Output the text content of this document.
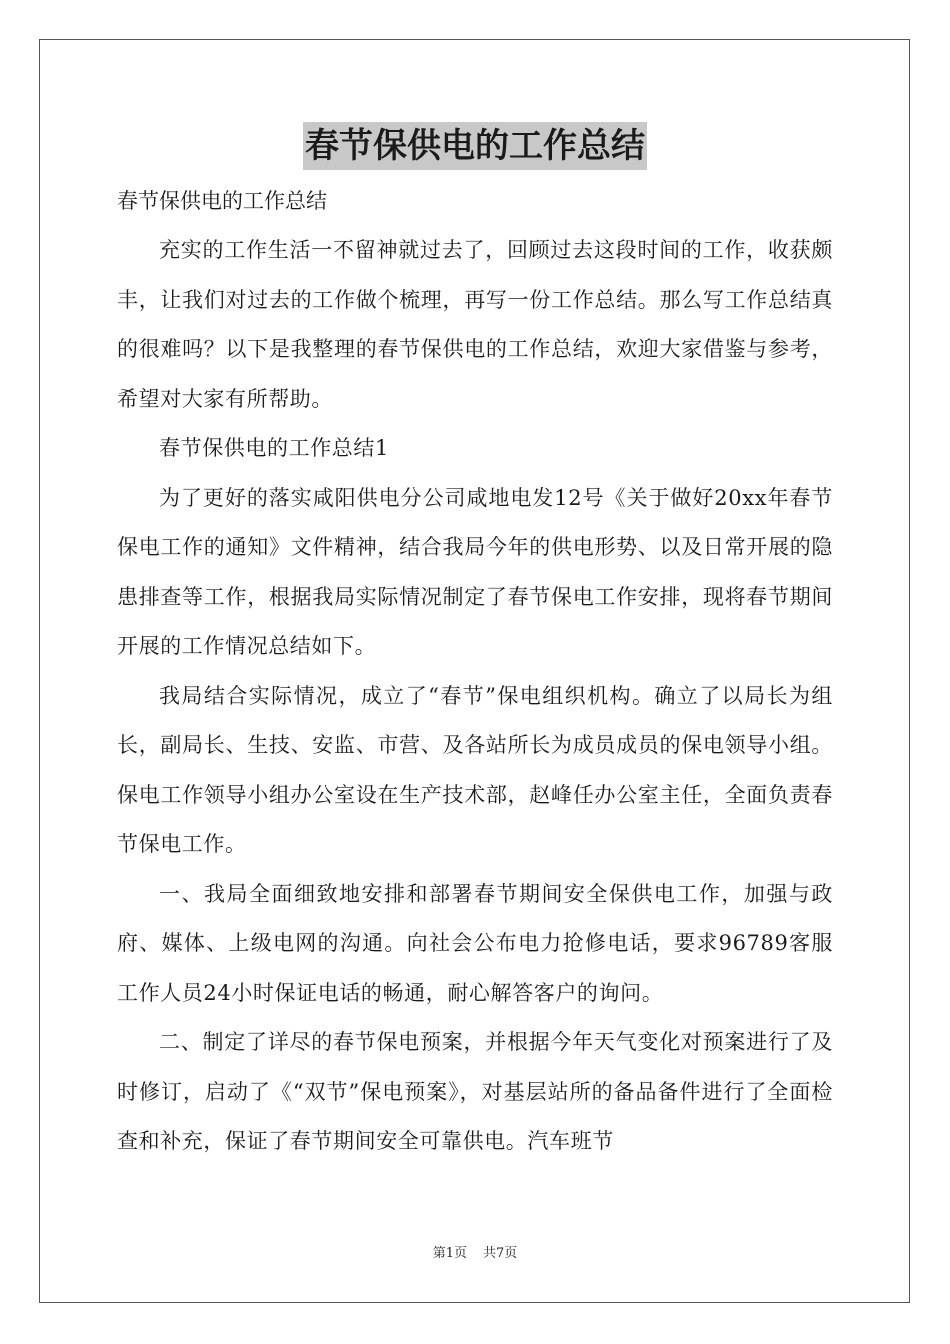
春节保供电的工作总结

春节保供电的工作总结

充实的工作生活一不留神就过去了，回顾过去这段时间的工作，收获颇丰，让我们对过去的工作做个梳理，再写一份工作总结。那么写工作总结真的很难吗？以下是我整理的春节保供电的工作总结，欢迎大家借鉴与参考，希望对大家有所帮助。

春节保供电的工作总结1

为了更好的落实咸阳供电分公司咸地电发12号《关于做好20xx年春节保电工作的通知》文件精神，结合我局今年的供电形势、以及日常开展的隐患排查等工作，根据我局实际情况制定了春节保电工作安排，现将春节期间开展的工作情况总结如下。

我局结合实际情况，成立了“春节”保电组织机构。确立了以局长为组长，副局长、生技、安监、市营、及各站所长为成员成员的保电领导小组。保电工作领导小组办公室设在生产技术部，赵峰任办公室主任，全面负责春节保电工作。

一、我局全面细致地安排和部署春节期间安全保供电工作，加强与政府、媒体、上级电网的沟通。向社会公布电力抢修电话，要求96789客服工作人员24小时保证电话的畅通，耐心解答客户的询问。

二、制定了详尽的春节保电预案，并根据今年天气变化对预案进行了及时修订，启动了《“双节”保电预案》，对基层站所的备品备件进行了全面检查和补充，保证了春节期间安全可靠供电。汽车班节

第1页 共7页
